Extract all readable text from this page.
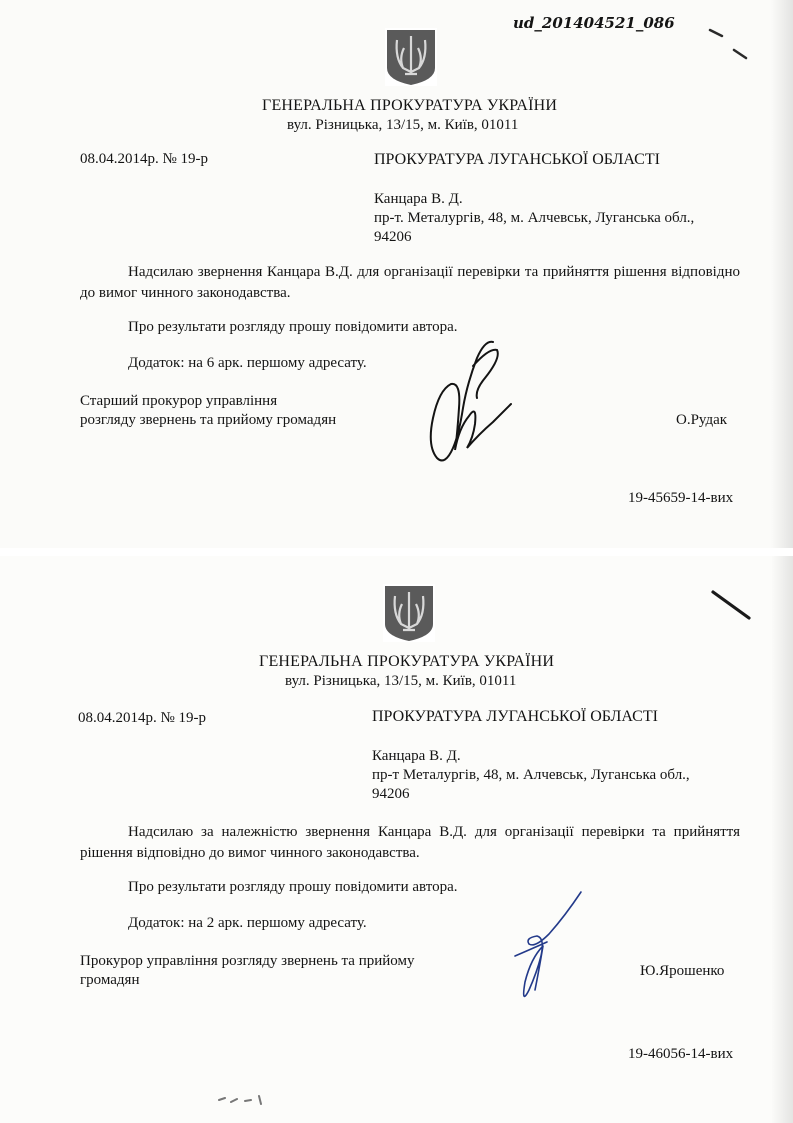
ud_201404521_086
ГЕНЕРАЛЬНА ПРОКУРАТУРА УКРАЇНИ
вул. Різницька, 13/15, м. Київ, 01011
08.04.2014р. № 19-р	ПРОКУРАТУРА ЛУГАНСЬКОЇ ОБЛАСТІ
Канцара В. Д.
пр-т. Металургів, 48, м. Алчевськ, Луганська обл.,
94206
Надсилаю звернення Канцара В.Д. для організації перевірки та прийняття рішення відповідно до вимог чинного законодавства.
Про результати розгляду прошу повідомити автора.
Додаток: на 6 арк. першому адресату.
Старший прокурор управління
розгляду звернень та прийому громадян	О.Рудак
19-45659-14-вих
ГЕНЕРАЛЬНА ПРОКУРАТУРА УКРАЇНИ
вул. Різницька, 13/15, м. Київ, 01011
08.04.2014р. № 19-р	ПРОКУРАТУРА ЛУГАНСЬКОЇ ОБЛАСТІ
Канцара В. Д.
пр-т Металургів, 48, м. Алчевськ, Луганська обл.,
94206
Надсилаю за належністю звернення Канцара В.Д. для організації перевірки та прийняття рішення відповідно до вимог чинного законодавства.
Про результати розгляду прошу повідомити автора.
Додаток: на 2 арк. першому адресату.
Прокурор управління розгляду звернень та прийому
громадян
Ю.Ярошенко
19-46056-14-вих
